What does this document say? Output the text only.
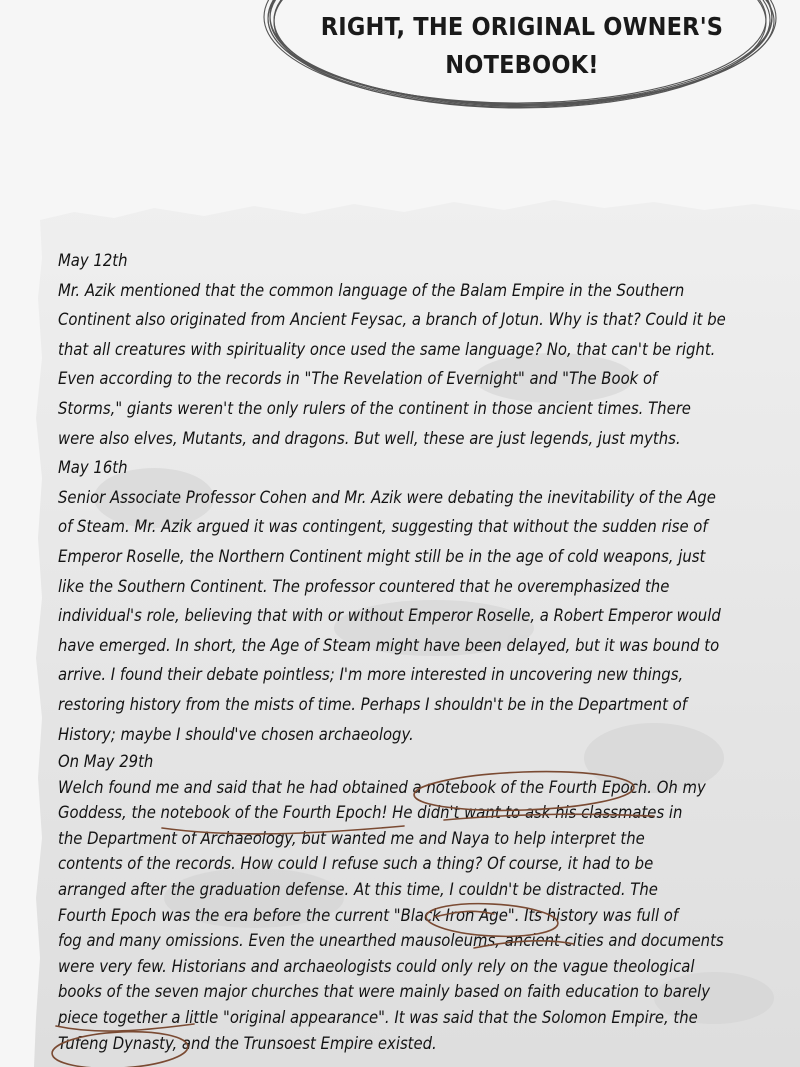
RIGHT, THE ORIGINAL OWNER'S
NOTEBOOK!
May 12th
Mr. Azik mentioned that the common language of the Balam Empire in the Southern
Continent also originated from Ancient Feysac, a branch of Jotun. Why is that? Could it be
that all creatures with spirituality once used the same language? No, that can't be right.
Even according to the records in "The Revelation of Evernight" and "The Book of
Storms," giants weren't the only rulers of the continent in those ancient times. There
were also elves, Mutants, and dragons. But well, these are just legends, just myths.
May 16th
Senior Associate Professor Cohen and Mr. Azik were debating the inevitability of the Age
of Steam. Mr. Azik argued it was contingent, suggesting that without the sudden rise of
Emperor Roselle, the Northern Continent might still be in the age of cold weapons, just
like the Southern Continent. The professor countered that he overemphasized the
individual's role, believing that with or without Emperor Roselle, a Robert Emperor would
have emerged. In short, the Age of Steam might have been delayed, but it was bound to
arrive. I found their debate pointless; I'm more interested in uncovering new things,
restoring history from the mists of time. Perhaps I shouldn't be in the Department of
History; maybe I should've chosen archaeology.
On May 29th
Welch found me and said that he had obtained a notebook of the Fourth Epoch. Oh my
Goddess, the notebook of the Fourth Epoch! He didn't want to ask his classmates in
the Department of Archaeology, but wanted me and Naya to help interpret the
contents of the records. How could I refuse such a thing? Of course, it had to be
arranged after the graduation defense. At this time, I couldn't be distracted. The
Fourth Epoch was the era before the current "Black Iron Age". Its history was full of
fog and many omissions. Even the unearthed mausoleums, ancient cities and documents
were very few. Historians and archaeologists could only rely on the vague theological
books of the seven major churches that were mainly based on faith education to barely
piece together a little "original appearance". It was said that the Solomon Empire, the
Tufeng Dynasty, and the Trunsoest Empire existed.
